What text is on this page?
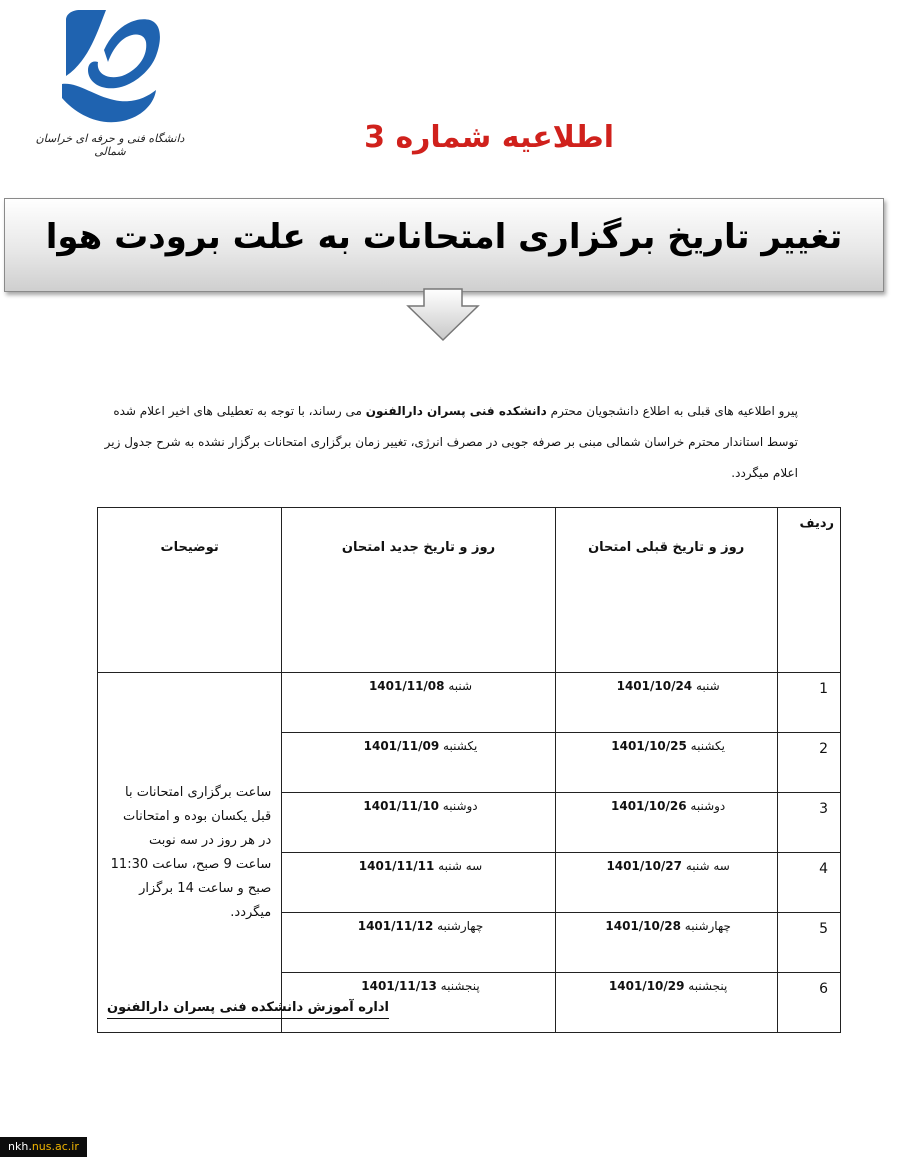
دانشگاه فنی و حرفه ای خراسان شمالی	اطلاعیه شماره 3
تغییر تاریخ برگزاری امتحانات به علت برودت هوا
پیرو اطلاعیه های قبلی به اطلاع دانشجویان محترم دانشکده فنی پسران دارالفنون می رساند، با توجه به تعطیلی های اخیر اعلام شده توسط استاندار محترم خراسان شمالی مبنی بر صرفه جویی در مصرف انرژی، تغییر زمان برگزاری امتحانات برگزار نشده به شرح جدول زیر اعلام میگردد.
ردیف	روز و تاریخ قبلی امتحان	روز و تاریخ جدید امتحان	توضیحات
1	شنبه 1401/10/24	شنبه 1401/11/08	ساعت برگزاری امتحانات با قبل یکسان بوده و امتحانات در هر روز در سه نوبت ساعت 9 صبح، ساعت 11:30 صبح و ساعت 14 برگزار میگردد.
2	یکشنبه 1401/10/25	یکشنبه 1401/11/09	
3	دوشنبه 1401/10/26	دوشنبه 1401/11/10	
4	سه شنبه 1401/10/27	سه شنبه 1401/11/11	
5	چهارشنبه 1401/10/28	چهارشنبه 1401/11/12	
6	پنجشنبه 1401/10/29	پنجشنبه 1401/11/13	
اداره آموزش دانشکده فنی پسران دارالفنون
nkh.nus.ac.ir
